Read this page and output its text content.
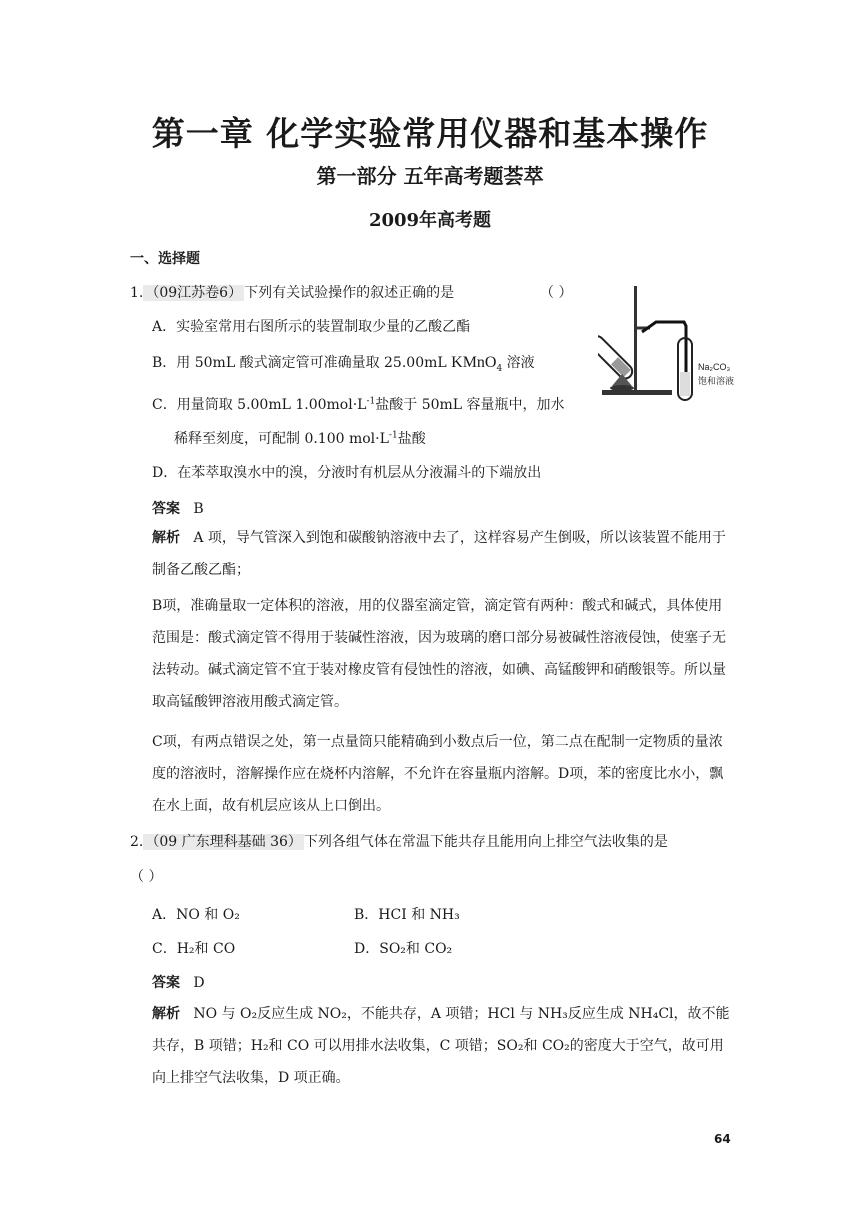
第一章 化学实验常用仪器和基本操作
第一部分 五年高考题荟萃
2009年高考题
一、选择题
1. （09江苏卷6） 下列有关试验操作的叙述正确的是	（ ）
A．实验室常用右图所示的装置制取少量的乙酸乙酯
B．用 50mL 酸式滴定管可准确量取 25.00mL KMnO$_4$ 溶液
C．用量筒取 5.00mL $1.00mol\cdot L^{-1}$盐酸于 50mL 容量瓶中，加水
稀释至刻度，可配制 0.100 $mol\cdot L^{-1}$盐酸
D．在苯萃取溴水中的溴，分液时有机层从分液漏斗的下端放出
Na₂CO₃
饱和溶液
答案 B
解析 A 项，导气管深入到饱和碳酸钠溶液中去了，这样容易产生倒吸，所以该装置不能用于制备乙酸乙酯；
B项，准确量取一定体积的溶液，用的仪器室滴定管，滴定管有两种：酸式和碱式，具体使用范围是：酸式滴定管不得用于装碱性溶液，因为玻璃的磨口部分易被碱性溶液侵蚀，使塞子无法转动。碱式滴定管不宜于装对橡皮管有侵蚀性的溶液，如碘、高锰酸钾和硝酸银等。所以量取高锰酸钾溶液用酸式滴定管。
C项，有两点错误之处，第一点量筒只能精确到小数点后一位，第二点在配制一定物质的量浓度的溶液时，溶解操作应在烧杯内溶解，不允许在容量瓶内溶解。D项，苯的密度比水小，飘在水上面，故有机层应该从上口倒出。
2. （09 广东理科基础 36） 下列各组气体在常温下能共存且能用向上排空气法收集的是
（ ）
A．NO 和 O₂	B．HCI 和 NH₃
C．H₂和 CO	D．SO₂和 CO₂
答案 D
解析 NO 与 O₂反应生成 NO₂，不能共存，A 项错；HCl 与 NH₃反应生成 NH₄Cl，故不能共存，B 项错；H₂和 CO 可以用排水法收集，C 项错；SO₂和 CO₂的密度大于空气，故可用向上排空气法收集，D 项正确。
64
